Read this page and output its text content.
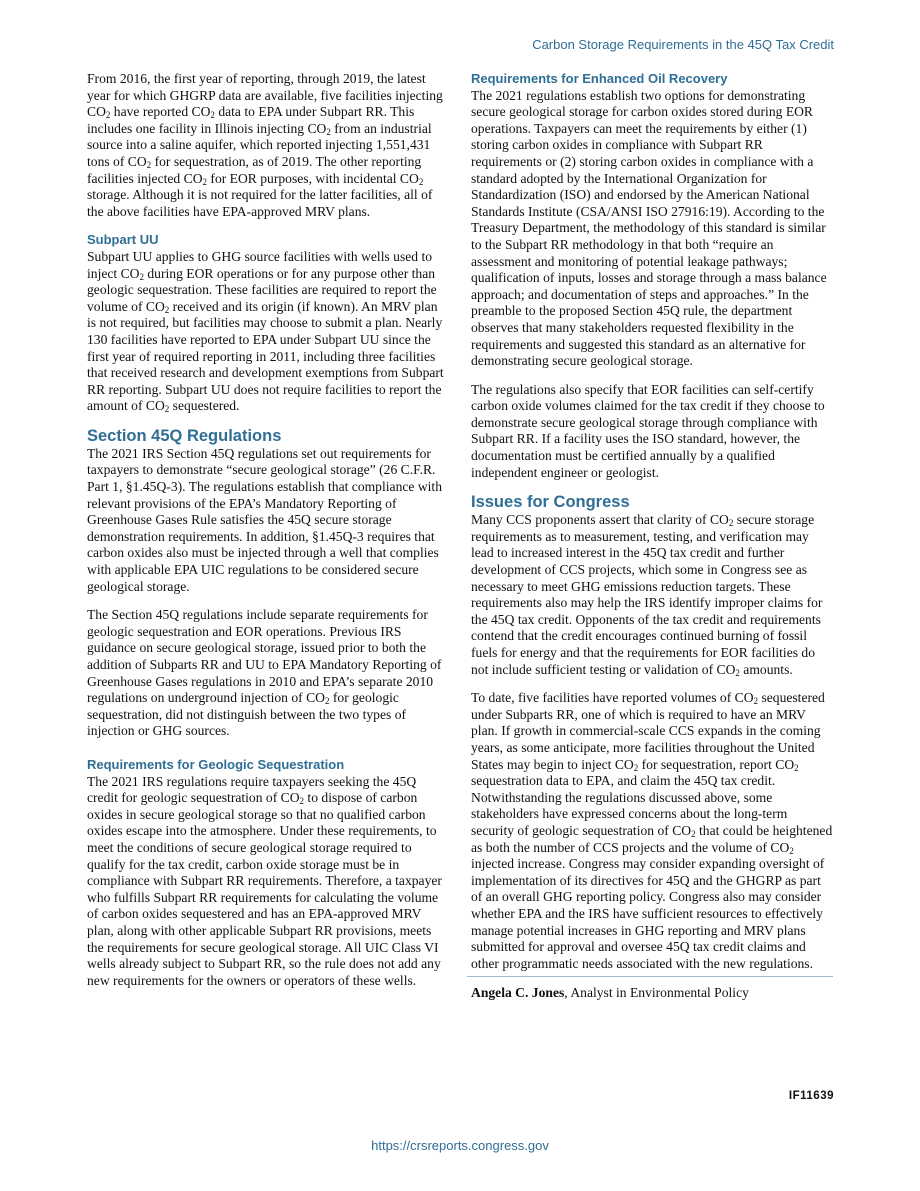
Carbon Storage Requirements in the 45Q Tax Credit

From 2016, the first year of reporting, through 2019, the latest year for which GHGRP data are available, five facilities injecting $CO_2$ have reported $CO_2$ data to EPA under Subpart RR. This includes one facility in Illinois injecting $CO_2$ from an industrial source into a saline aquifer, which reported injecting 1,551,431 tons of $CO_2$ for sequestration, as of 2019. The other reporting facilities injected $CO_2$ for EOR purposes, with incidental $CO_2$ storage. Although it is not required for the latter facilities, all of the above facilities have EPA-approved MRV plans.

Subpart UU

Subpart UU applies to GHG source facilities with wells used to inject $CO_2$ during EOR operations or for any purpose other than geologic sequestration. These facilities are required to report the volume of $CO_2$ received and its origin (if known). An MRV plan is not required, but facilities may choose to submit a plan. Nearly 130 facilities have reported to EPA under Subpart UU since the first year of required reporting in 2011, including three facilities that received research and development exemptions from Subpart RR reporting. Subpart UU does not require facilities to report the amount of $CO_2$ sequestered.

Section 45Q Regulations

The 2021 IRS Section 45Q regulations set out requirements for taxpayers to demonstrate “secure geological storage” (26 C.F.R. Part 1, §1.45Q-3). The regulations establish that compliance with relevant provisions of the EPA’s Mandatory Reporting of Greenhouse Gases Rule satisfies the 45Q secure storage demonstration requirements. In addition, §1.45Q-3 requires that carbon oxides also must be injected through a well that complies with applicable EPA UIC regulations to be considered secure geological storage.

The Section 45Q regulations include separate requirements for geologic sequestration and EOR operations. Previous IRS guidance on secure geological storage, issued prior to both the addition of Subparts RR and UU to EPA Mandatory Reporting of Greenhouse Gases regulations in 2010 and EPA’s separate 2010 regulations on underground injection of $CO_2$ for geologic sequestration, did not distinguish between the two types of injection or GHG sources.

Requirements for Geologic Sequestration

The 2021 IRS regulations require taxpayers seeking the 45Q credit for geologic sequestration of $CO_2$ to dispose of carbon oxides in secure geological storage so that no qualified carbon oxides escape into the atmosphere. Under these requirements, to meet the conditions of secure geological storage required to qualify for the tax credit, carbon oxide storage must be in compliance with Subpart RR requirements. Therefore, a taxpayer who fulfills Subpart RR requirements for calculating the volume of carbon oxides sequestered and has an EPA-approved MRV plan, along with other applicable Subpart RR provisions, meets the requirements for secure geological storage. All UIC Class VI wells already subject to Subpart RR, so the rule does not add any new requirements for the owners or operators of these wells.

Requirements for Enhanced Oil Recovery

The 2021 regulations establish two options for demonstrating secure geological storage for carbon oxides stored during EOR operations. Taxpayers can meet the requirements by either (1) storing carbon oxides in compliance with Subpart RR requirements or (2) storing carbon oxides in compliance with a standard adopted by the International Organization for Standardization (ISO) and endorsed by the American National Standards Institute (CSA/ANSI ISO 27916:19). According to the Treasury Department, the methodology of this standard is similar to the Subpart RR methodology in that both “require an assessment and monitoring of potential leakage pathways; qualification of inputs, losses and storage through a mass balance approach; and documentation of steps and approaches.” In the preamble to the proposed Section 45Q rule, the department observes that many stakeholders requested flexibility in the requirements and suggested this standard as an alternative for demonstrating secure geological storage.

The regulations also specify that EOR facilities can self-certify carbon oxide volumes claimed for the tax credit if they choose to demonstrate secure geological storage through compliance with Subpart RR. If a facility uses the ISO standard, however, the documentation must be certified annually by a qualified independent engineer or geologist.

Issues for Congress

Many CCS proponents assert that clarity of $CO_2$ secure storage requirements as to measurement, testing, and verification may lead to increased interest in the 45Q tax credit and further development of CCS projects, which some in Congress see as necessary to meet GHG emissions reduction targets. These requirements also may help the IRS identify improper claims for the 45Q tax credit. Opponents of the tax credit and requirements contend that the credit encourages continued burning of fossil fuels for energy and that the requirements for EOR facilities do not include sufficient testing or validation of $CO_2$ amounts.

To date, five facilities have reported volumes of $CO_2$ sequestered under Subparts RR, one of which is required to have an MRV plan. If growth in commercial-scale CCS expands in the coming years, as some anticipate, more facilities throughout the United States may begin to inject $CO_2$ for sequestration, report $CO_2$ sequestration data to EPA, and claim the 45Q tax credit. Notwithstanding the regulations discussed above, some stakeholders have expressed concerns about the long-term security of geologic sequestration of $CO_2$ that could be heightened as both the number of CCS projects and the volume of $CO_2$ injected increase. Congress may consider expanding oversight of implementation of its directives for 45Q and the GHGRP as part of an overall GHG reporting policy. Congress also may consider whether EPA and the IRS have sufficient resources to effectively manage potential increases in GHG reporting and MRV plans submitted for approval and oversee 45Q tax credit claims and other programmatic needs associated with the new regulations.

Angela C. Jones, Analyst in Environmental Policy
IF11639
https://crsreports.congress.gov
